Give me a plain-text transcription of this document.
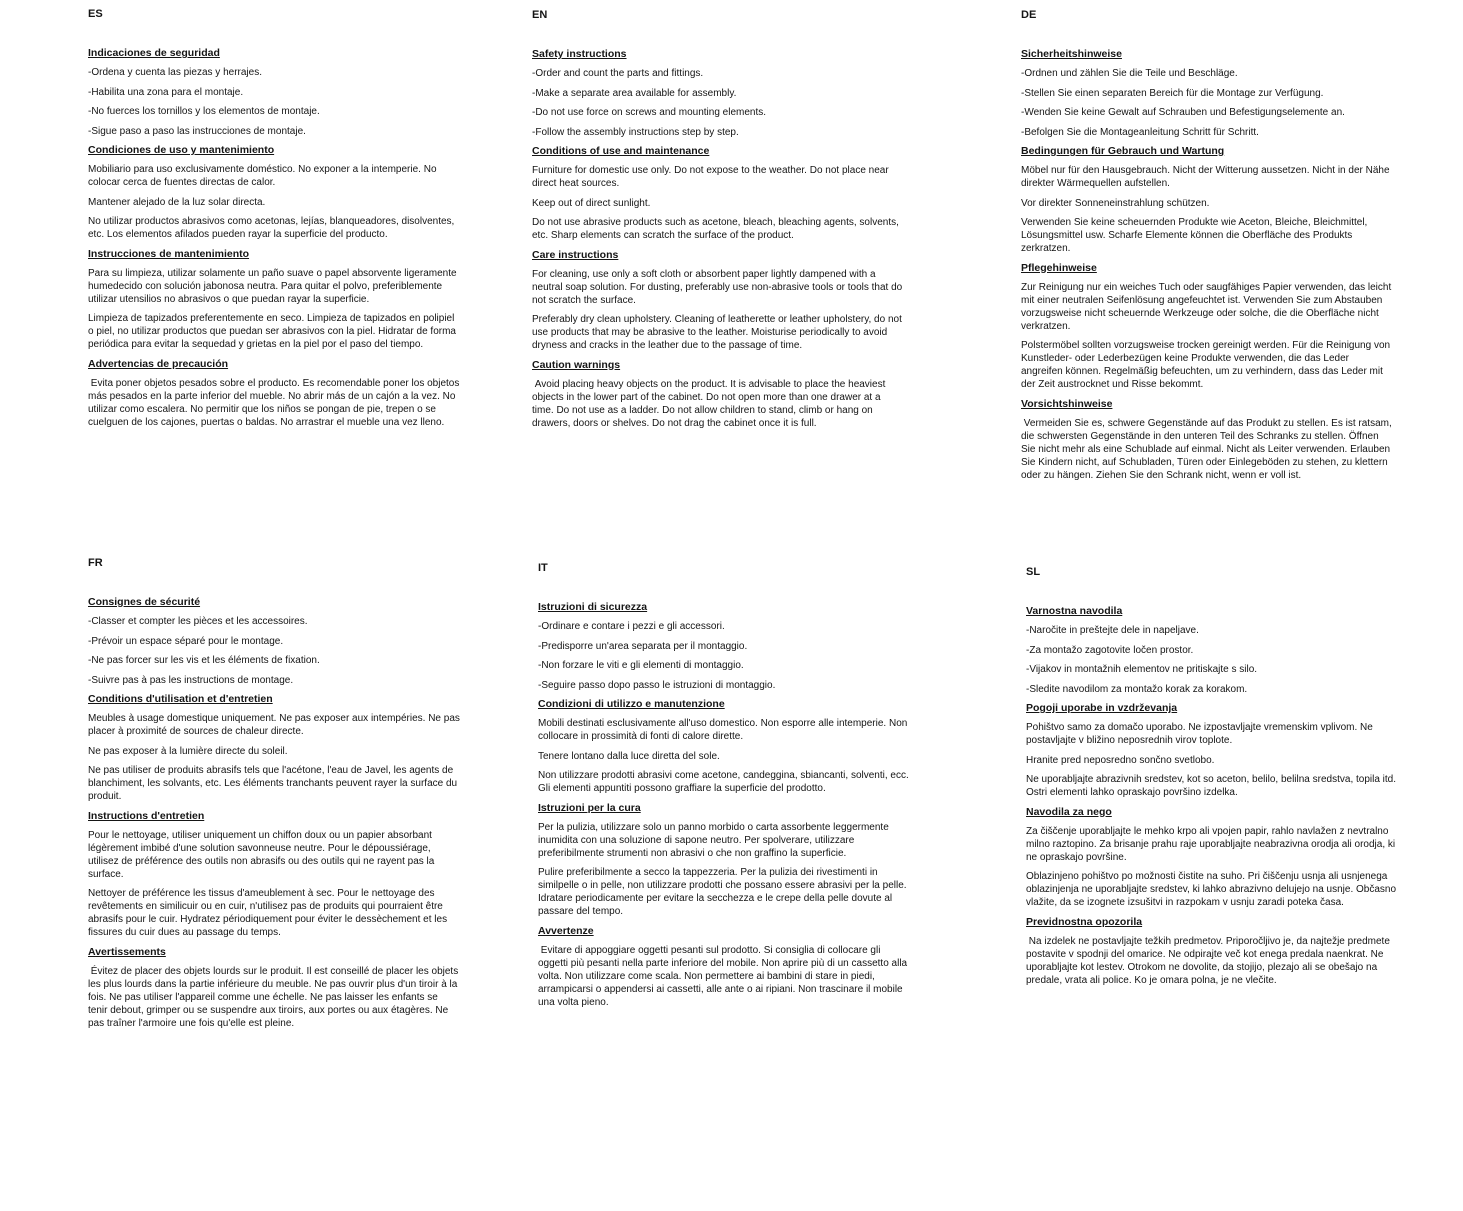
ES

Indicaciones de seguridad

-Ordena y cuenta las piezas y herrajes.

-Habilita una zona para el montaje.

-No fuerces los tornillos y los elementos de montaje.

-Sigue paso a paso las instrucciones de montaje.

Condiciones de uso y mantenimiento

Mobiliario para uso exclusivamente doméstico. No exponer a la intemperie. No colocar cerca de fuentes directas de calor.

Mantener alejado de la luz solar directa.

No utilizar productos abrasivos como acetonas, lejías, blanqueadores, disolventes, etc. Los elementos afilados pueden rayar la superficie del producto.

Instrucciones de mantenimiento

Para su limpieza, utilizar solamente un paño suave o papel absorvente ligeramente humedecido con solución jabonosa neutra. Para quitar el polvo, preferiblemente utilizar utensilios no abrasivos o que puedan rayar la superficie.

Limpieza de tapizados preferentemente en seco. Limpieza de tapizados en polipiel o piel, no utilizar productos que puedan ser abrasivos con la piel. Hidratar de forma periódica para evitar la sequedad y grietas en la piel por el paso del tiempo.

Advertencias de precaución

Evita poner objetos pesados sobre el producto. Es recomendable poner los objetos más pesados en la parte inferior del mueble. No abrir más de un cajón a la vez. No utilizar como escalera. No permitir que los niños se pongan de pie, trepen o se cuelguen de los cajones, puertas o baldas. No arrastrar el mueble una vez lleno.

EN

Safety instructions

-Order and count the parts and fittings.

-Make a separate area available for assembly.

-Do not use force on screws and mounting elements.

-Follow the assembly instructions step by step.

Conditions of use and maintenance

Furniture for domestic use only. Do not expose to the weather. Do not place near direct heat sources.

Keep out of direct sunlight.

Do not use abrasive products such as acetone, bleach, bleaching agents, solvents, etc. Sharp elements can scratch the surface of the product.

Care instructions

For cleaning, use only a soft cloth or absorbent paper lightly dampened with a neutral soap solution. For dusting, preferably use non-abrasive tools or tools that do not scratch the surface.

Preferably dry clean upholstery. Cleaning of leatherette or leather upholstery, do not use products that may be abrasive to the leather. Moisturise periodically to avoid dryness and cracks in the leather due to the passage of time.

Caution warnings

Avoid placing heavy objects on the product. It is advisable to place the heaviest objects in the lower part of the cabinet. Do not open more than one drawer at a time. Do not use as a ladder. Do not allow children to stand, climb or hang on drawers, doors or shelves. Do not drag the cabinet once it is full.

DE

Sicherheitshinweise

-Ordnen und zählen Sie die Teile und Beschläge.

-Stellen Sie einen separaten Bereich für die Montage zur Verfügung.

-Wenden Sie keine Gewalt auf Schrauben und Befestigungselemente an.

-Befolgen Sie die Montageanleitung Schritt für Schritt.

Bedingungen für Gebrauch und Wartung

Möbel nur für den Hausgebrauch. Nicht der Witterung aussetzen. Nicht in der Nähe direkter Wärmequellen aufstellen.

Vor direkter Sonneneinstrahlung schützen.

Verwenden Sie keine scheuernden Produkte wie Aceton, Bleiche, Bleichmittel, Lösungsmittel usw. Scharfe Elemente können die Oberfläche des Produkts zerkratzen.

Pflegehinweise

Zur Reinigung nur ein weiches Tuch oder saugfähiges Papier verwenden, das leicht mit einer neutralen Seifenlösung angefeuchtet ist. Verwenden Sie zum Abstauben vorzugsweise nicht scheuernde Werkzeuge oder solche, die die Oberfläche nicht verkratzen.

Polstermöbel sollten vorzugsweise trocken gereinigt werden. Für die Reinigung von Kunstleder- oder Lederbezügen keine Produkte verwenden, die das Leder angreifen können. Regelmäßig befeuchten, um zu verhindern, dass das Leder mit der Zeit austrocknet und Risse bekommt.

Vorsichtshinweise

Vermeiden Sie es, schwere Gegenstände auf das Produkt zu stellen. Es ist ratsam, die schwersten Gegenstände in den unteren Teil des Schranks zu stellen. Öffnen Sie nicht mehr als eine Schublade auf einmal. Nicht als Leiter verwenden. Erlauben Sie Kindern nicht, auf Schubladen, Türen oder Einlegeböden zu stehen, zu klettern oder zu hängen. Ziehen Sie den Schrank nicht, wenn er voll ist.

FR

Consignes de sécurité

-Classer et compter les pièces et les accessoires.

-Prévoir un espace séparé pour le montage.

-Ne pas forcer sur les vis et les éléments de fixation.

-Suivre pas à pas les instructions de montage.

Conditions d'utilisation et d'entretien

Meubles à usage domestique uniquement. Ne pas exposer aux intempéries. Ne pas placer à proximité de sources de chaleur directe.

Ne pas exposer à la lumière directe du soleil.

Ne pas utiliser de produits abrasifs tels que l'acétone, l'eau de Javel, les agents de blanchiment, les solvants, etc. Les éléments tranchants peuvent rayer la surface du produit.

Instructions d'entretien

Pour le nettoyage, utiliser uniquement un chiffon doux ou un papier absorbant légèrement imbibé d'une solution savonneuse neutre. Pour le dépoussiérage, utilisez de préférence des outils non abrasifs ou des outils qui ne rayent pas la surface.

Nettoyer de préférence les tissus d'ameublement à sec. Pour le nettoyage des revêtements en similicuir ou en cuir, n'utilisez pas de produits qui pourraient être abrasifs pour le cuir. Hydratez périodiquement pour éviter le dessèchement et les fissures du cuir dues au passage du temps.

Avertissements

Évitez de placer des objets lourds sur le produit. Il est conseillé de placer les objets les plus lourds dans la partie inférieure du meuble. Ne pas ouvrir plus d'un tiroir à la fois. Ne pas utiliser l'appareil comme une échelle. Ne pas laisser les enfants se tenir debout, grimper ou se suspendre aux tiroirs, aux portes ou aux étagères. Ne pas traîner l'armoire une fois qu'elle est pleine.

IT

Istruzioni di sicurezza

-Ordinare e contare i pezzi e gli accessori.

-Predisporre un'area separata per il montaggio.

-Non forzare le viti e gli elementi di montaggio.

-Seguire passo dopo passo le istruzioni di montaggio.

Condizioni di utilizzo e manutenzione

Mobili destinati esclusivamente all'uso domestico. Non esporre alle intemperie. Non collocare in prossimità di fonti di calore dirette.

Tenere lontano dalla luce diretta del sole.

Non utilizzare prodotti abrasivi come acetone, candeggina, sbiancanti, solventi, ecc. Gli elementi appuntiti possono graffiare la superficie del prodotto.

Istruzioni per la cura

Per la pulizia, utilizzare solo un panno morbido o carta assorbente leggermente inumidita con una soluzione di sapone neutro. Per spolverare, utilizzare preferibilmente strumenti non abrasivi o che non graffino la superficie.

Pulire preferibilmente a secco la tappezzeria. Per la pulizia dei rivestimenti in similpelle o in pelle, non utilizzare prodotti che possano essere abrasivi per la pelle. Idratare periodicamente per evitare la secchezza e le crepe della pelle dovute al passare del tempo.

Avvertenze

Evitare di appoggiare oggetti pesanti sul prodotto. Si consiglia di collocare gli oggetti più pesanti nella parte inferiore del mobile. Non aprire più di un cassetto alla volta. Non utilizzare come scala. Non permettere ai bambini di stare in piedi, arrampicarsi o appendersi ai cassetti, alle ante o ai ripiani. Non trascinare il mobile una volta pieno.

SL

Varnostna navodila

-Naročite in preštejte dele in napeljave.

-Za montažo zagotovite ločen prostor.

-Vijakov in montažnih elementov ne pritiskajte s silo.

-Sledite navodilom za montažo korak za korakom.

Pogoji uporabe in vzdrževanja

Pohištvo samo za domačo uporabo. Ne izpostavljajte vremenskim vplivom. Ne postavljajte v bližino neposrednih virov toplote.

Hranite pred neposredno sončno svetlobo.

Ne uporabljajte abrazivnih sredstev, kot so aceton, belilo, belilna sredstva, topila itd. Ostri elementi lahko opraskajo površino izdelka.

Navodila za nego

Za čiščenje uporabljajte le mehko krpo ali vpojen papir, rahlo navlažen z nevtralno milno raztopino. Za brisanje prahu raje uporabljajte neabrazivna orodja ali orodja, ki ne opraskajo površine.

Oblazinjeno pohištvo po možnosti čistite na suho. Pri čiščenju usnja ali usnjenega oblazinjenja ne uporabljajte sredstev, ki lahko abrazivno delujejo na usnje. Občasno vlažite, da se izognete izsušitvi in razpokam v usnju zaradi poteka časa.

Previdnostna opozorila

Na izdelek ne postavljajte težkih predmetov. Priporočljivo je, da najtežje predmete postavite v spodnji del omarice. Ne odpirajte več kot enega predala naenkrat. Ne uporabljajte kot lestev. Otrokom ne dovolite, da stojijo, plezajo ali se obešajo na predale, vrata ali police. Ko je omara polna, je ne vlečite.
